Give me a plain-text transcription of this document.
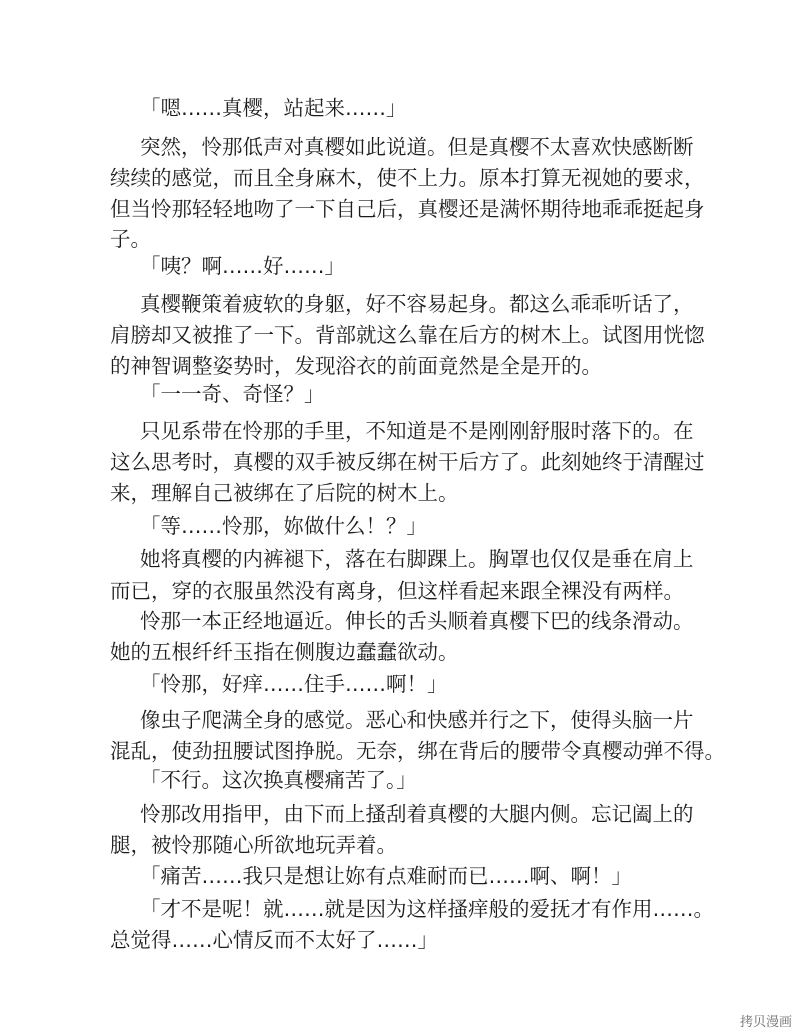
「嗯……真樱，站起来……」
突然，怜那低声对真樱如此说道。但是真樱不太喜欢快感断断
续续的感觉，而且全身麻木，使不上力。原本打算无视她的要求，
但当怜那轻轻地吻了一下自己后，真樱还是满怀期待地乖乖挺起身
子。
「咦？啊……好……」
真樱鞭策着疲软的身躯，好不容易起身。都这么乖乖听话了，
肩膀却又被推了一下。背部就这么靠在后方的树木上。试图用恍惚
的神智调整姿势时，发现浴衣的前面竟然是全是开的。
「一一奇、奇怪？」
只见系带在怜那的手里，不知道是不是刚刚舒服时落下的。在
这么思考时，真樱的双手被反绑在树干后方了。此刻她终于清醒过
来，理解自己被绑在了后院的树木上。
「等……怜那，妳做什么！？」
她将真樱的内裤褪下，落在右脚踝上。胸罩也仅仅是垂在肩上
而已，穿的衣服虽然没有离身，但这样看起来跟全裸没有两样。
怜那一本正经地逼近。伸长的舌头顺着真樱下巴的线条滑动。
她的五根纤纤玉指在侧腹边蠢蠢欲动。
「怜那，好痒……住手……啊！」
像虫子爬满全身的感觉。恶心和快感并行之下，使得头脑一片
混乱，使劲扭腰试图挣脱。无奈，绑在背后的腰带令真樱动弹不得。
「不行。这次换真樱痛苦了。」
怜那改用指甲，由下而上搔刮着真樱的大腿内侧。忘记阖上的
腿，被怜那随心所欲地玩弄着。
「痛苦……我只是想让妳有点难耐而已……啊、啊！」
「才不是呢！就……就是因为这样搔痒般的爱抚才有作用……。
总觉得……心情反而不太好了……」
拷贝漫画
